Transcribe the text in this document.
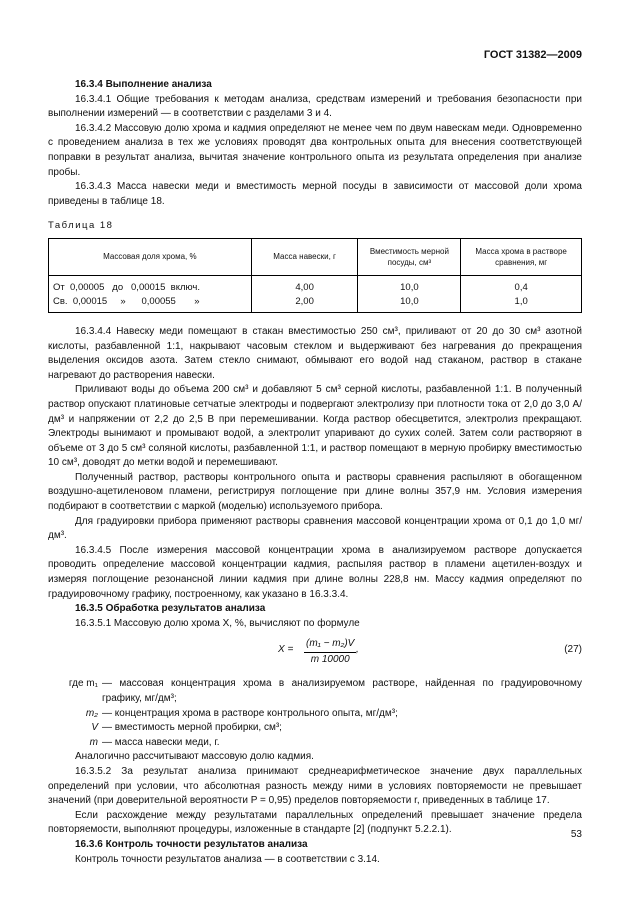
ГОСТ 31382—2009

16.3.4 Выполнение анализа

16.3.4.1 Общие требования к методам анализа, средствам измерений и требования безопасности при выполнении измерений — в соответствии с разделами 3 и 4.

16.3.4.2 Массовую долю хрома и кадмия определяют не менее чем по двум навескам меди. Одновременно с проведением анализа в тех же условиях проводят два контрольных опыта для внесения соответствующей поправки в результат анализа, вычитая значение контрольного опыта из результата определения при анализе пробы.

16.3.4.3 Масса навески меди и вместимость мерной посуды в зависимости от массовой доли хрома приведены в таблице 18.

Таблица 18

Массовая доля хрома, %	Масса навески, г	Вместимость мерной посуды, см³	Масса хрома в растворе сравнения, мг
От  0,00005   до   0,00015  включ.	4,00	10,0	0,4
Св.  0,00015     »      0,00055       »	2,00	10,0	1,0

16.3.4.4 Навеску меди помещают в стакан вместимостью 250 см³, приливают от 20 до 30 см³ азотной кислоты, разбавленной 1:1, накрывают часовым стеклом и выдерживают без нагревания до прекращения выделения оксидов азота. Затем стекло снимают, обмывают его водой над стаканом, раствор в стакане нагревают до растворения навески.

Приливают воды до объема 200 см³ и добавляют 5 см³ серной кислоты, разбавленной 1:1. В полученный раствор опускают платиновые сетчатые электроды и подвергают электролизу при плотности тока от 2,0 до 3,0 А/дм³ и напряжении от 2,2 до 2,5 В при перемешивании. Когда раствор обесцветится, электролиз прекращают. Электроды вынимают и промывают водой, а электролит упаривают до сухих солей. Затем соли растворяют в объеме от 3 до 5 см³ соляной кислоты, разбавленной 1:1, и раствор помещают в мерную пробирку вместимостью 10 см³, доводят до метки водой и перемешивают.

Полученный раствор, растворы контрольного опыта и растворы сравнения распыляют в обогащенном воздушно-ацетиленовом пламени, регистрируя поглощение при длине волны 357,9 нм. Условия измерения подбирают в соответствии с маркой (моделью) используемого прибора.

Для градуировки прибора применяют растворы сравнения массовой концентрации хрома от 0,1 до 1,0 мг/дм³.

16.3.4.5 После измерения массовой концентрации хрома в анализируемом растворе допускается проводить определение массовой концентрации кадмия, распыляя раствор в пламени ацетилен-воздух и измеряя поглощение резонансной линии кадмия при длине волны 228,8 нм. Массу кадмия определяют по градуировочному графику, построенному, как указано в 16.3.3.4.

16.3.5 Обработка результатов анализа

16.3.5.1 Массовую долю хрома X, %, вычисляют по формуле

$X = \frac{\text{(m₁ − m₂)V}}{m 10000}$ ,	(27)
где m₁ — массовая концентрация хрома в анализируемом растворе, найденная по градуировочному графику, мг/дм³;
m₂ — концентрация хрома в растворе контрольного опыта, мг/дм³;
V — вместимость мерной пробирки, см³;
m — масса навески меди, г.

Аналогично рассчитывают массовую долю кадмия.

16.3.5.2 За результат анализа принимают среднеарифметическое значение двух параллельных определений при условии, что абсолютная разность между ними в условиях повторяемости не превышает значений (при доверительной вероятности P = 0,95) пределов повторяемости r, приведенных в таблице 17.

Если расхождение между результатами параллельных определений превышает значение предела повторяемости, выполняют процедуры, изложенные в стандарте [2] (подпункт 5.2.2.1).

16.3.6 Контроль точности результатов анализа

Контроль точности результатов анализа — в соответствии с 3.14.

53
